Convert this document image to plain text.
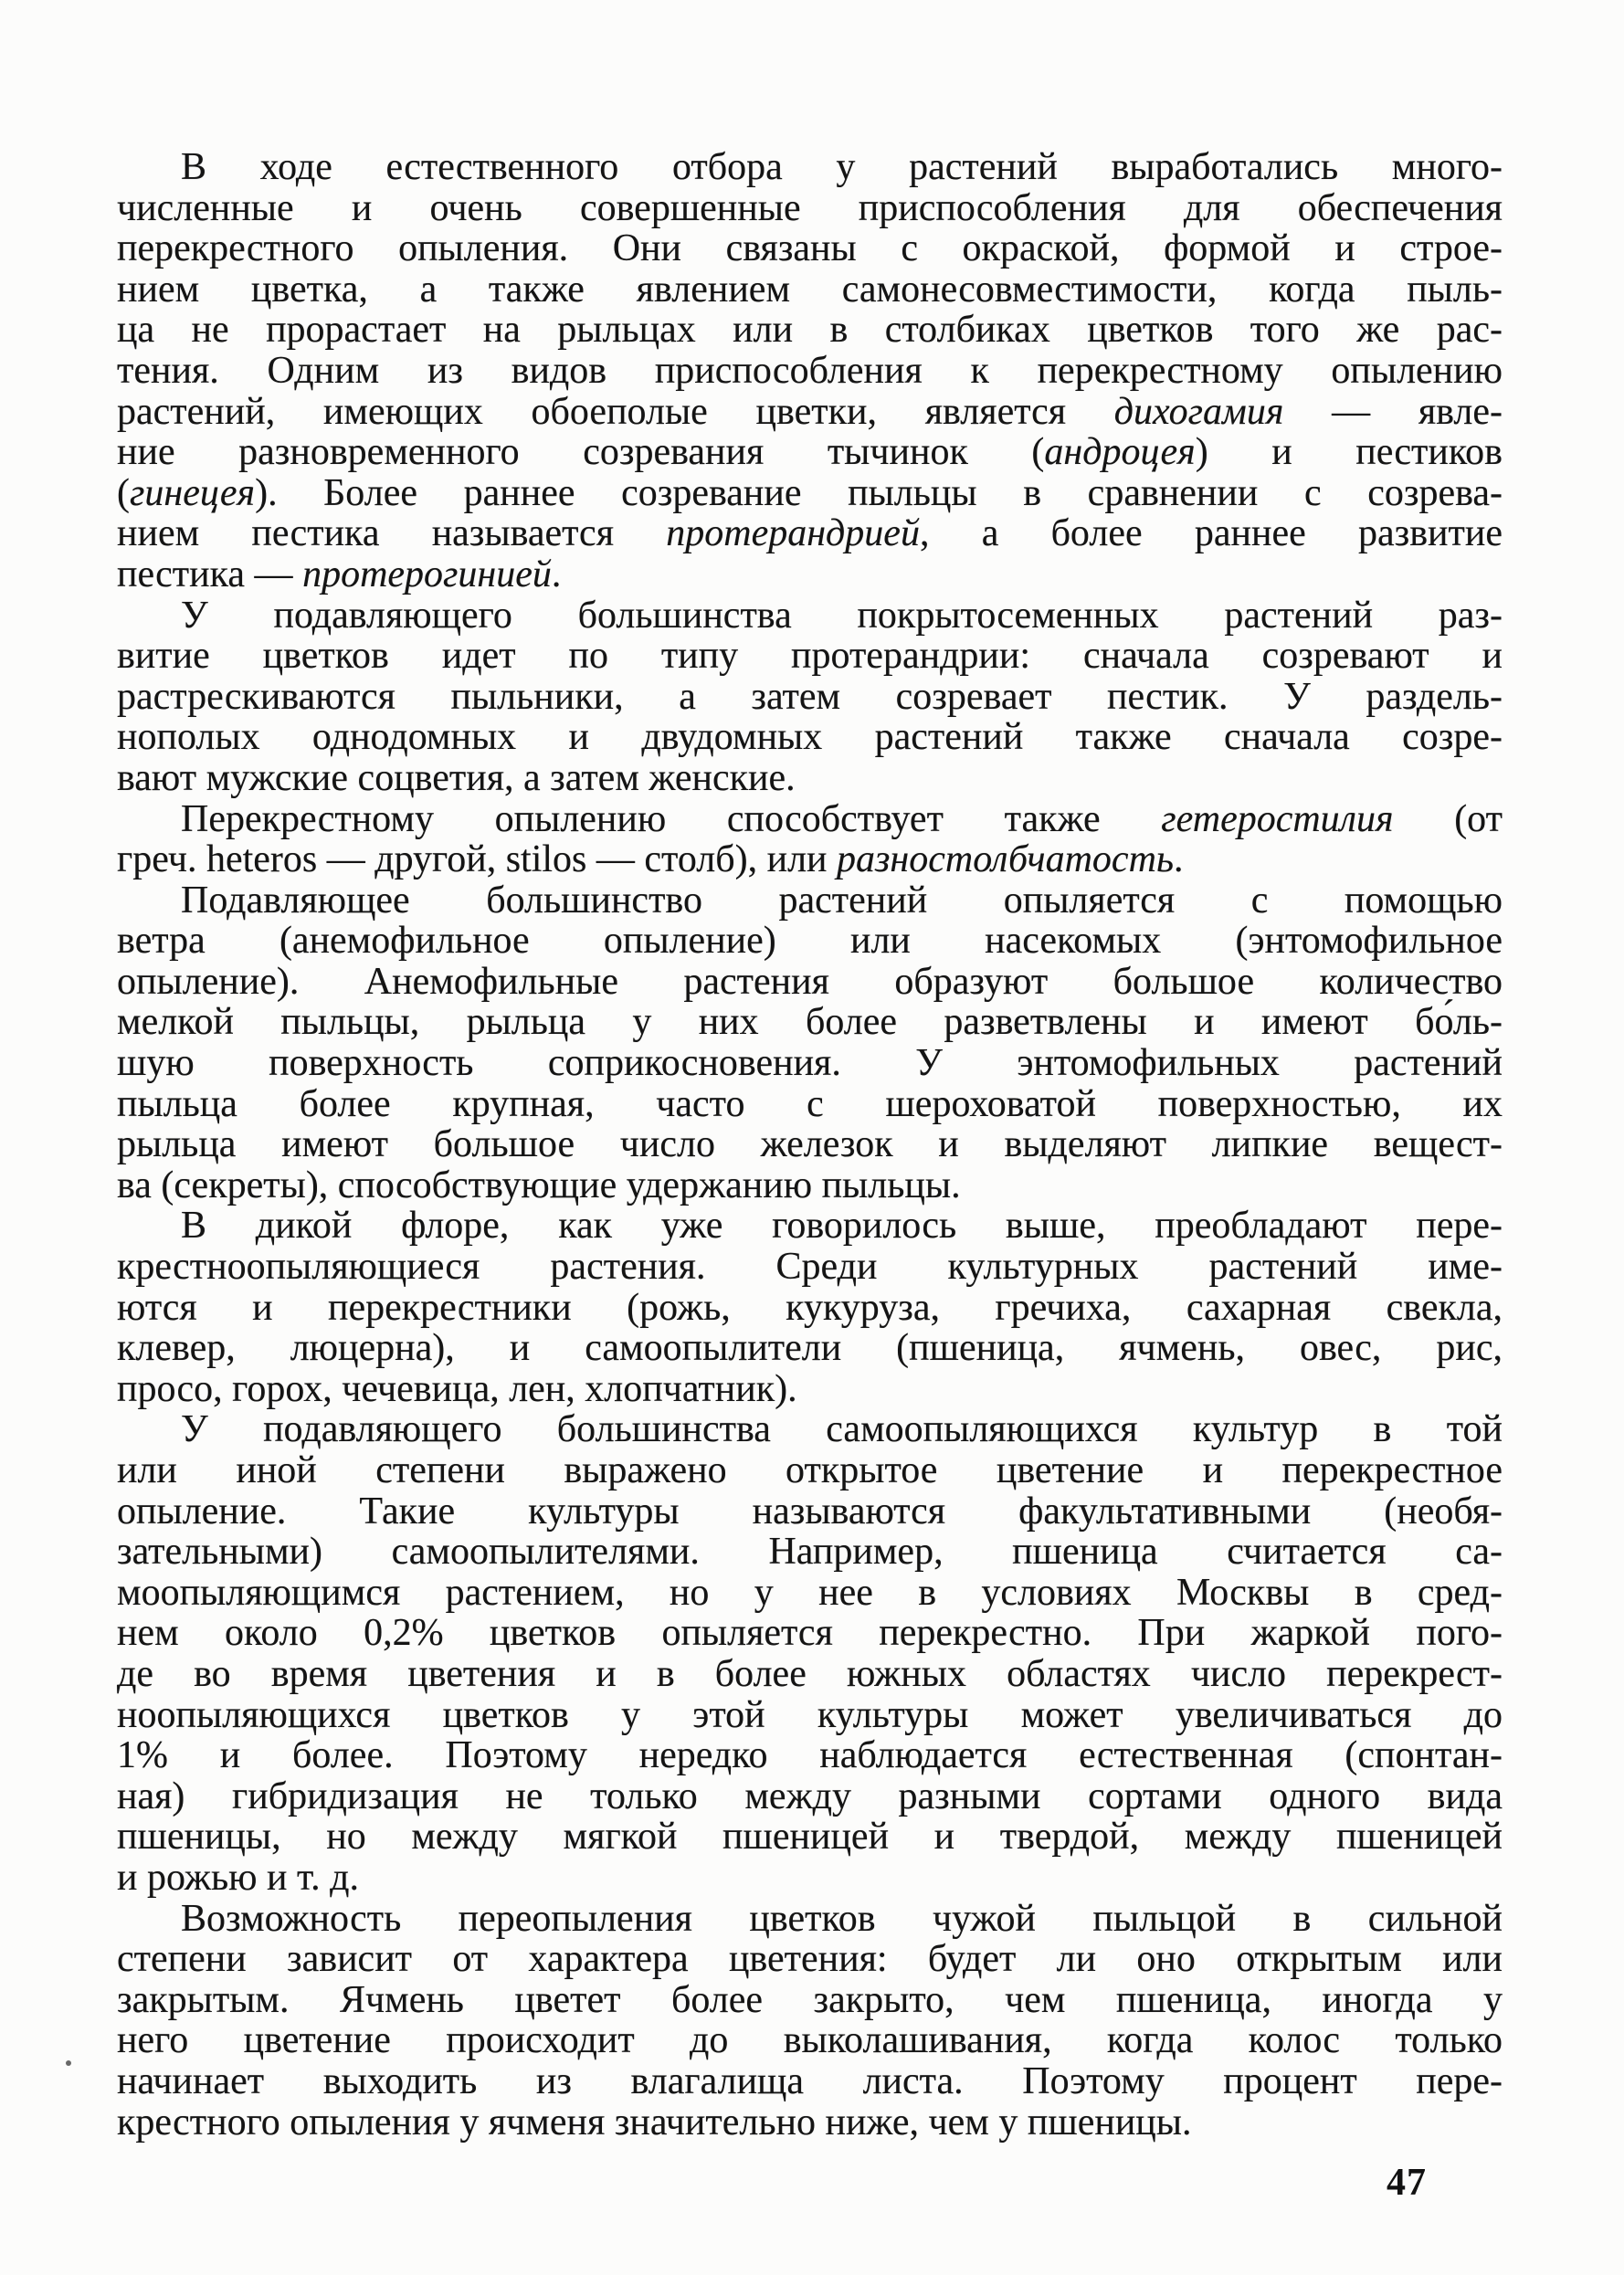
В ходе естественного отбора у растений выработались много-
численные и очень совершенные приспособления для обеспечения
перекрестного опыления. Они связаны с окраской, формой и строе-
нием цветка, а также явлением самонесовместимости, когда пыль-
ца не прорастает на рыльцах или в столбиках цветков того же рас-
тения. Одним из видов приспособления к перекрестному опылению
растений, имеющих обоеполые цветки, является дихогамия — явле-
ние разновременного созревания тычинок (андроцея) и пестиков
(гинецея). Более раннее созревание пыльцы в сравнении с созрева-
нием пестика называется протерандрией, а более раннее развитие
пестика — протерогинией.
У подавляющего большинства покрытосеменных растений раз-
витие цветков идет по типу протерандрии: сначала созревают и
растрескиваются пыльники, а затем созревает пестик. У раздель-
нополых однодомных и двудомных растений также сначала созре-
вают мужские соцветия, а затем женские.
Перекрестному опылению способствует также гетеростилия (от
греч. heteros — другой, stilos — столб), или разностолбчатость.
Подавляющее большинство растений опыляется с помощью
ветра (анемофильное опыление) или насекомых (энтомофильное
опыление). Анемофильные растения образуют большое количество
мелкой пыльцы, рыльца у них более разветвлены и имеют бо́ль-
шую поверхность соприкосновения. У энтомофильных растений
пыльца более крупная, часто с шероховатой поверхностью, их
рыльца имеют большое число железок и выделяют липкие вещест-
ва (секреты), способствующие удержанию пыльцы.
В дикой флоре, как уже говорилось выше, преобладают пере-
крестноопыляющиеся растения. Среди культурных растений име-
ются и перекрестники (рожь, кукуруза, гречиха, сахарная свекла,
клевер, люцерна), и самоопылители (пшеница, ячмень, овес, рис,
просо, горох, чечевица, лен, хлопчатник).
У подавляющего большинства самоопыляющихся культур в той
или иной степени выражено открытое цветение и перекрестное
опыление. Такие культуры называются факультативными (необя-
зательными) самоопылителями. Например, пшеница считается са-
моопыляющимся растением, но у нее в условиях Москвы в сред-
нем около 0,2% цветков опыляется перекрестно. При жаркой пого-
де во время цветения и в более южных областях число перекрест-
ноопыляющихся цветков у этой культуры может увеличиваться до
1% и более. Поэтому нередко наблюдается естественная (спонтан-
ная) гибридизация не только между разными сортами одного вида
пшеницы, но между мягкой пшеницей и твердой, между пшеницей
и рожью и т. д.
Возможность переопыления цветков чужой пыльцой в сильной
степени зависит от характера цветения: будет ли оно открытым или
закрытым. Ячмень цветет более закрыто, чем пшеница, иногда у
него цветение происходит до выколашивания, когда колос только
начинает выходить из влагалища листа. Поэтому процент пере-
крестного опыления у ячменя значительно ниже, чем у пшеницы.
47
